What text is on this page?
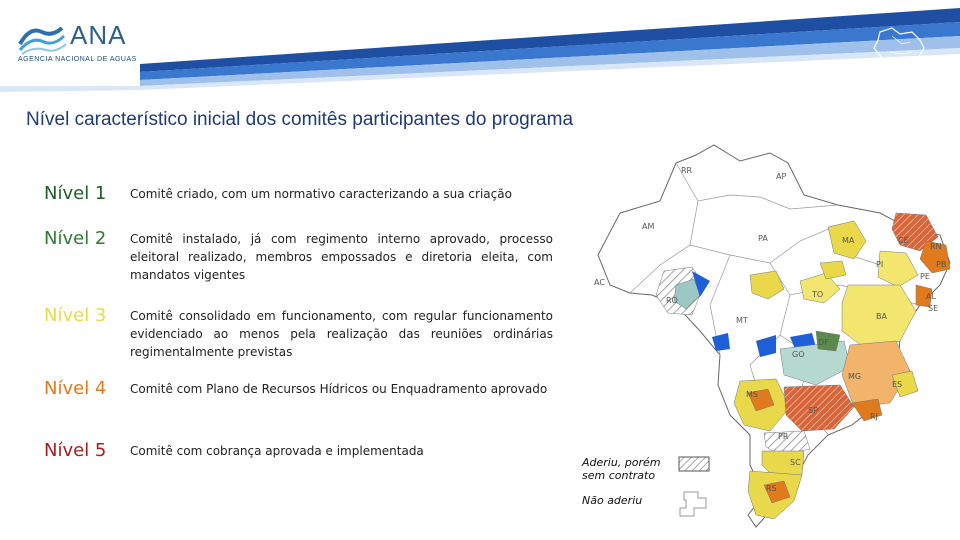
ANA
AGENCIA NACIONAL DE AGUAS
Nível característico inicial dos comitês participantes do programa
Nível 1 Comitê criado, com um normativo caracterizando a sua criação
Nível 2 Comitê instalado, já com regimento interno aprovado, processo eleitoral realizado, membros empossados e diretoria eleita, com mandatos vigentes
Nível 3 Comitê consolidado em funcionamento, com regular funcionamento evidenciado ao menos pela realização das reuniões ordinárias regimentalmente previstas
Nível 4 Comitê com Plano de Recursos Hídricos ou Enquadramento aprovado
Nível 5 Comitê com cobrança aprovada e implementada
RR
AP
AM
PA	MA	CE
RN
PB
PI
PE
AC
RO
TO	AL
SE
BA
MT
DF
GO
MG
ES
MS
SP
RJ
PR
SC
RS
Aderiu, porém sem contrato
Não aderiu
